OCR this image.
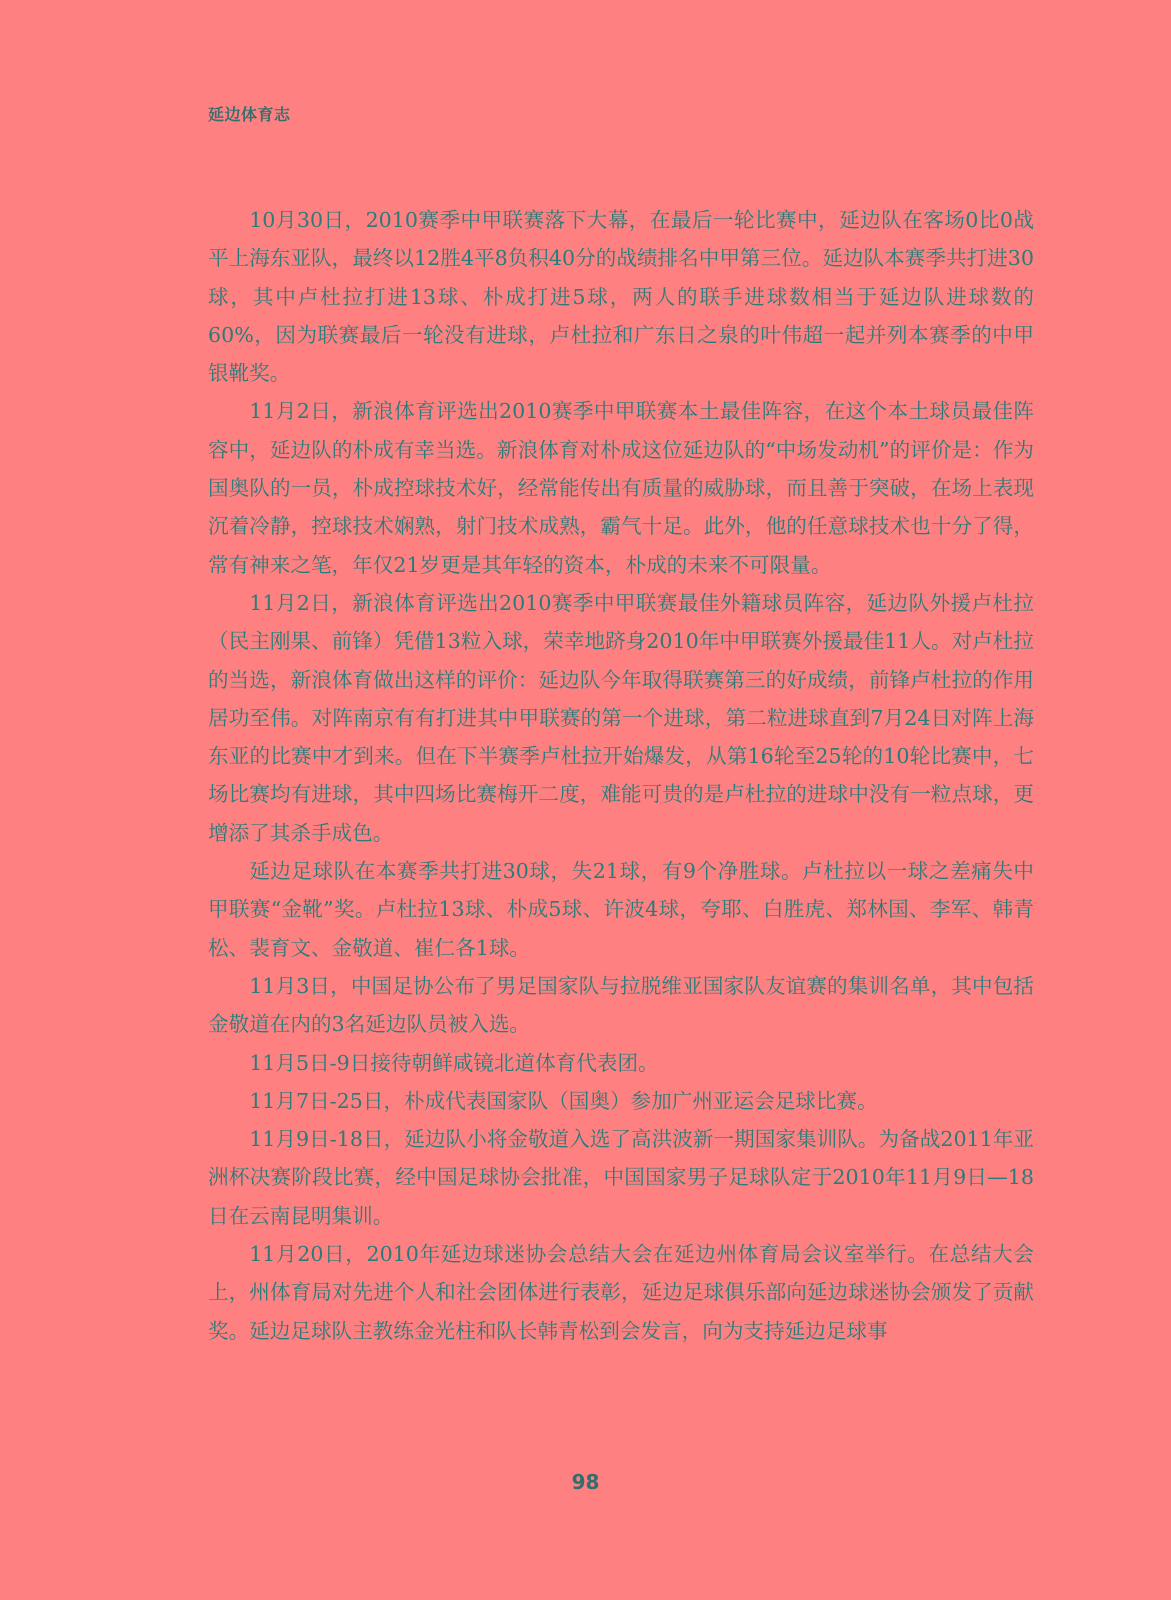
延边体育志

10月30日，2010赛季中甲联赛落下大幕，在最后一轮比赛中，延边队在客场0比0战平上海东亚队，最终以12胜4平8负积40分的战绩排名中甲第三位。延边队本赛季共打进30球，其中卢杜拉打进13球、朴成打进5球，两人的联手进球数相当于延边队进球数的60%，因为联赛最后一轮没有进球，卢杜拉和广东日之泉的叶伟超一起并列本赛季的中甲银靴奖。

11月2日，新浪体育评选出2010赛季中甲联赛本土最佳阵容，在这个本土球员最佳阵容中，延边队的朴成有幸当选。新浪体育对朴成这位延边队的“中场发动机”的评价是：作为国奥队的一员，朴成控球技术好，经常能传出有质量的威胁球，而且善于突破，在场上表现沉着冷静，控球技术娴熟，射门技术成熟，霸气十足。此外，他的任意球技术也十分了得，常有神来之笔，年仅21岁更是其年轻的资本，朴成的未来不可限量。

11月2日，新浪体育评选出2010赛季中甲联赛最佳外籍球员阵容，延边队外援卢杜拉（民主刚果、前锋）凭借13粒入球，荣幸地跻身2010年中甲联赛外援最佳11人。对卢杜拉的当选，新浪体育做出这样的评价：延边队今年取得联赛第三的好成绩，前锋卢杜拉的作用居功至伟。对阵南京有有打进其中甲联赛的第一个进球，第二粒进球直到7月24日对阵上海东亚的比赛中才到来。但在下半赛季卢杜拉开始爆发，从第16轮至25轮的10轮比赛中，七场比赛均有进球，其中四场比赛梅开二度，难能可贵的是卢杜拉的进球中没有一粒点球，更增添了其杀手成色。

延边足球队在本赛季共打进30球，失21球，有9个净胜球。卢杜拉以一球之差痛失中甲联赛“金靴”奖。卢杜拉13球、朴成5球、许波4球，夸耶、白胜虎、郑林国、李军、韩青松、裴育文、金敬道、崔仁各1球。

11月3日，中国足协公布了男足国家队与拉脱维亚国家队友谊赛的集训名单，其中包括金敬道在内的3名延边队员被入选。

11月5日-9日接待朝鲜咸镜北道体育代表团。

11月7日-25日，朴成代表国家队（国奥）参加广州亚运会足球比赛。

11月9日-18日，延边队小将金敬道入选了高洪波新一期国家集训队。为备战2011年亚洲杯决赛阶段比赛，经中国足球协会批准，中国国家男子足球队定于2010年11月9日—18日在云南昆明集训。

11月20日，2010年延边球迷协会总结大会在延边州体育局会议室举行。在总结大会上，州体育局对先进个人和社会团体进行表彰，延边足球俱乐部向延边球迷协会颁发了贡献奖。延边足球队主教练金光柱和队长韩青松到会发言，向为支持延边足球事

98
